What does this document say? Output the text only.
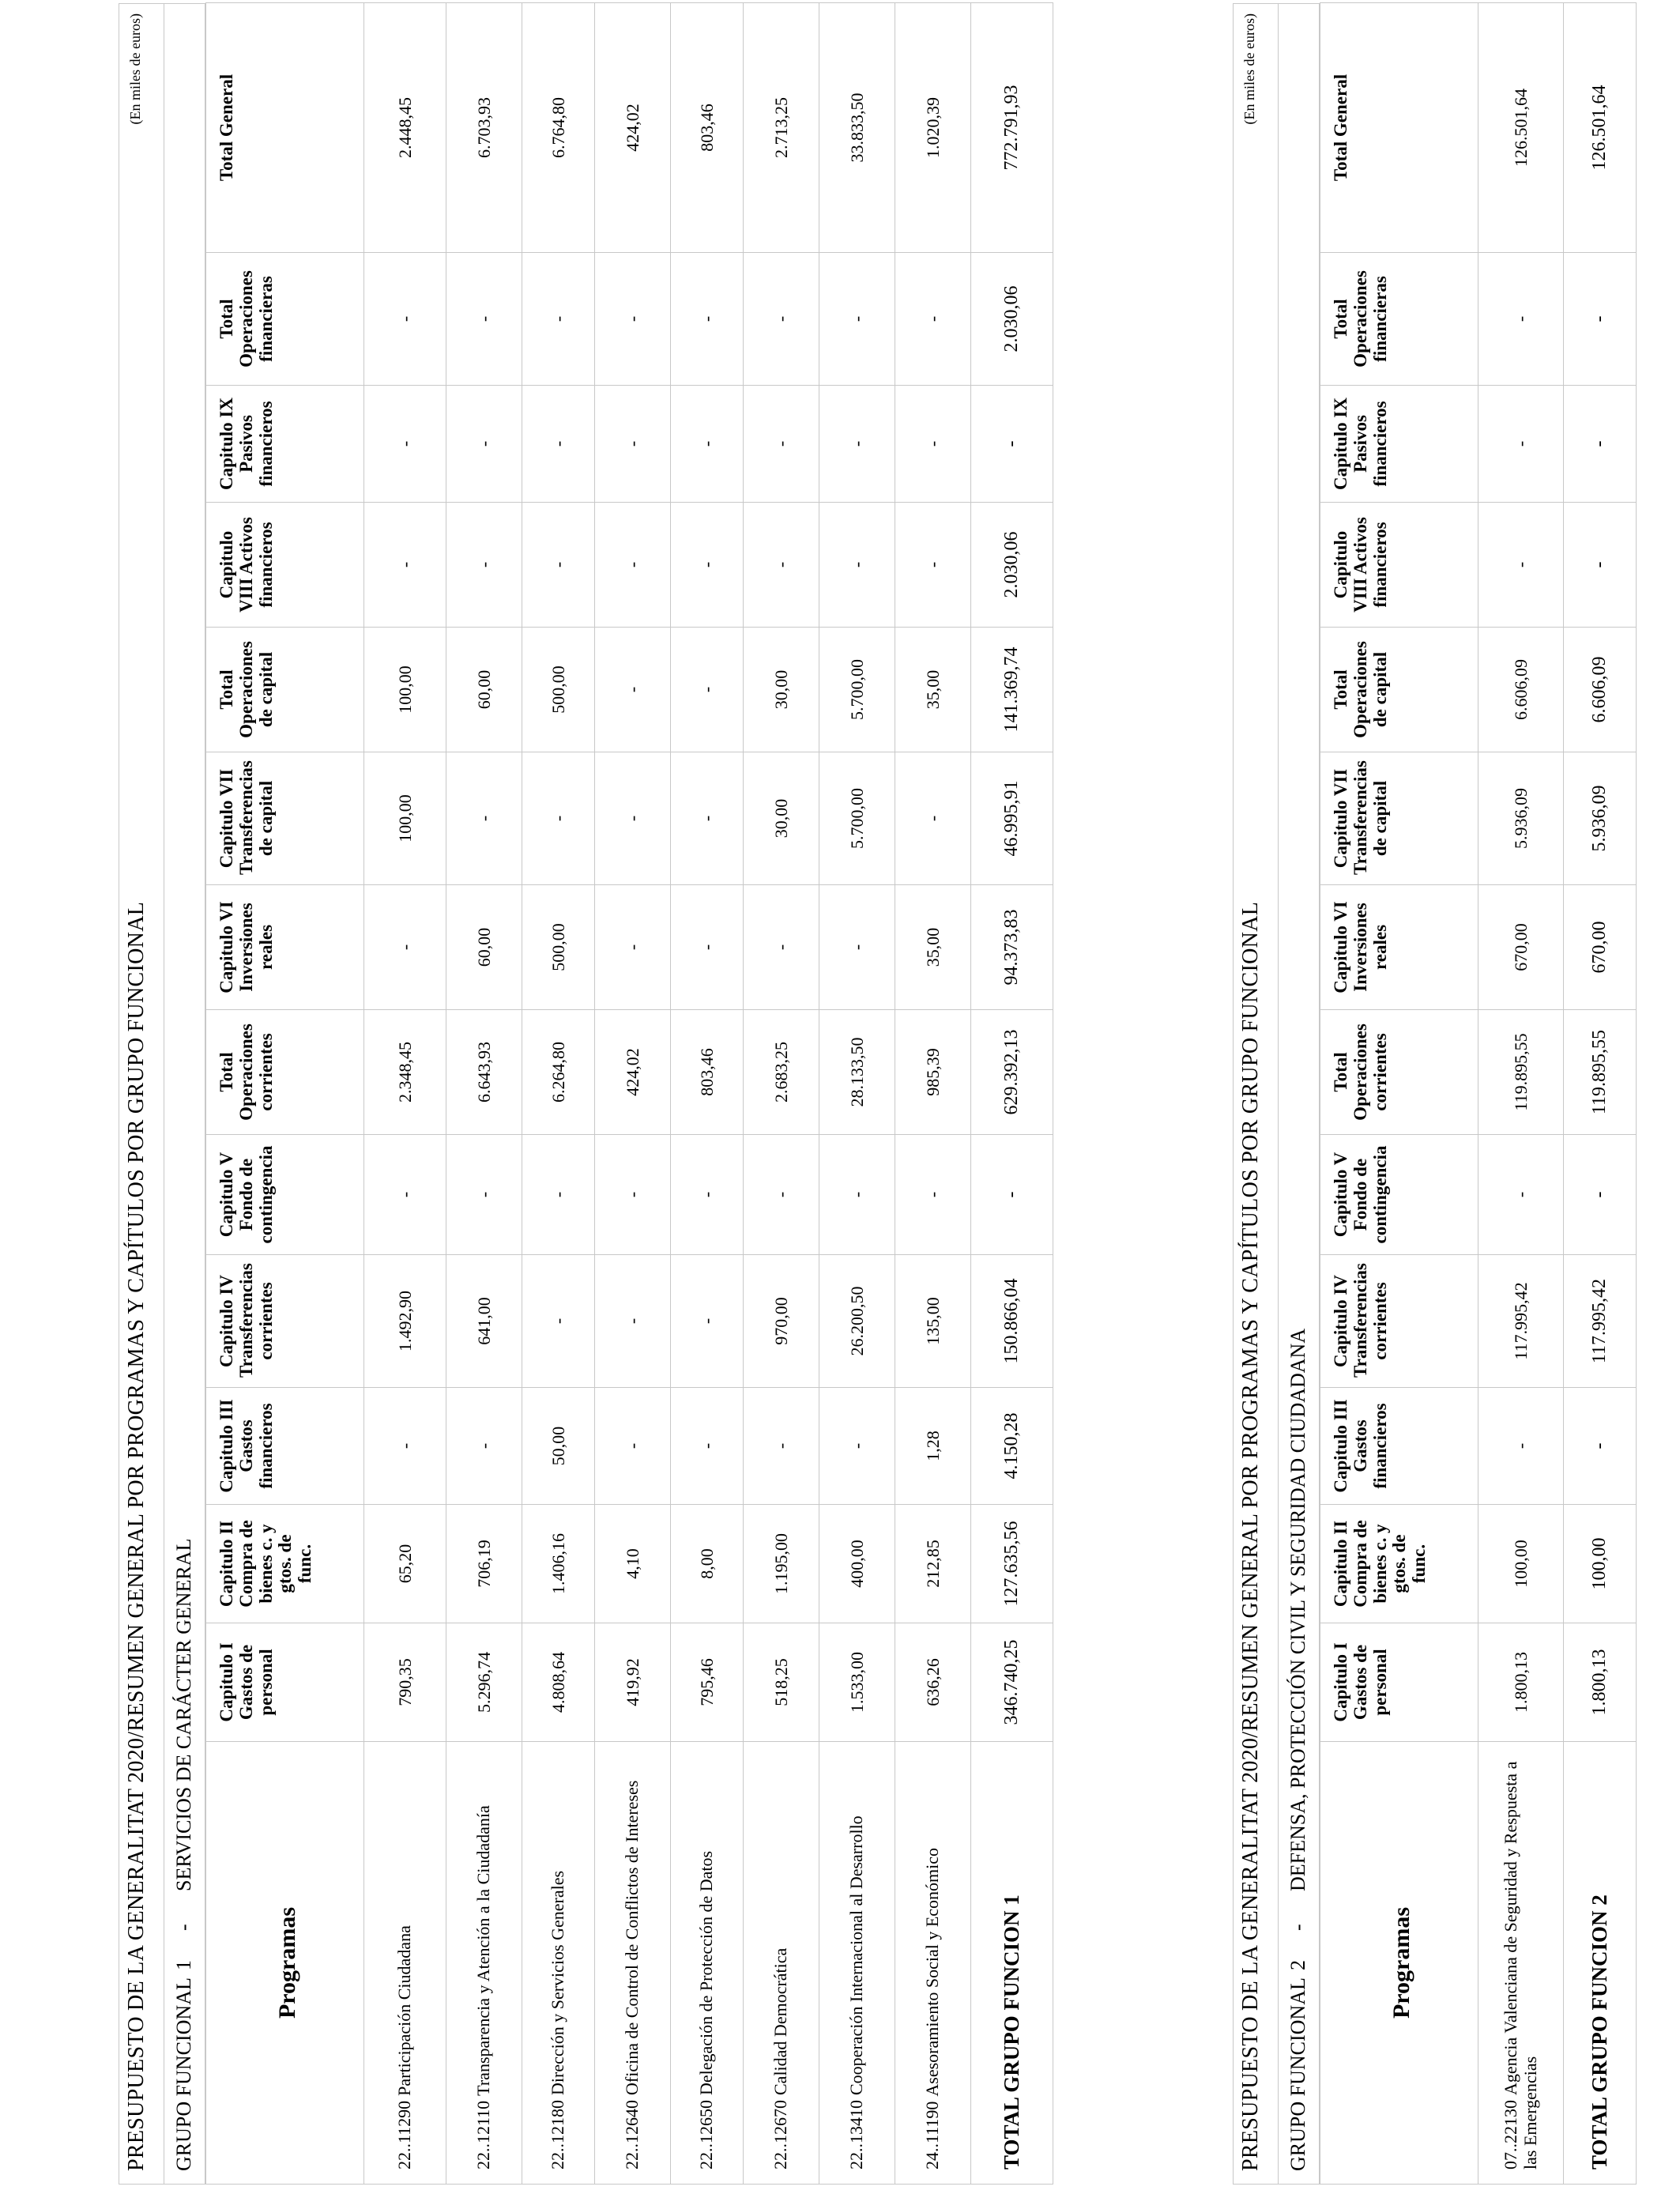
PRESUPUESTO DE LA GENERALITAT 2020/RESUMEN GENERAL POR PROGRAMAS Y CAPÍTULOS POR GRUPO FUNCIONAL
(En miles de euros)
GRUPO FUNCIONAL
1
-
SERVICIOS DE CARÁCTER GENERAL
Programas	Capitulo I Gastos de personal	Capitulo II Compra de bienes c. y gtos. de func.	Capitulo III Gastos financieros	Capitulo IV Transferencias corrientes	Capitulo V Fondo de contingencia	Total Operaciones corrientes	Capitulo VI Inversiones reales	Capitulo VII Transferencias de capital	Total Operaciones de capital	Capitulo VIII Activos financieros	Capitulo IX Pasivos financieros	Total Operaciones financieras	Total General
22..11290Participación Ciudadana	790,35	65,20	-	1.492,90	-	2.348,45	-	100,00	100,00	-	-	-	2.448,45
22..12110Transparencia y Atención a la Ciudadanía	5.296,74	706,19	-	641,00	-	6.643,93	60,00	-	60,00	-	-	-	6.703,93
22..12180Dirección y Servicios Generales	4.808,64	1.406,16	50,00	-	-	6.264,80	500,00	-	500,00	-	-	-	6.764,80
22..12640Oficina de Control de Conflictos de Intereses	419,92	4,10	-	-	-	424,02	-	-	-	-	-	-	424,02
22..12650Delegación de Protección de Datos	795,46	8,00	-	-	-	803,46	-	-	-	-	-	-	803,46
22..12670Calidad Democrática	518,25	1.195,00	-	970,00	-	2.683,25	-	30,00	30,00	-	-	-	2.713,25
22..13410Cooperación Internacional al Desarrollo	1.533,00	400,00	-	26.200,50	-	28.133,50	-	5.700,00	5.700,00	-	-	-	33.833,50
24..11190Asesoramiento Social y Económico	636,26	212,85	1,28	135,00	-	985,39	35,00	-	35,00	-	-	-	1.020,39
TOTAL GRUPO FUNCION 1	346.740,25	127.635,56	4.150,28	150.866,04	-	629.392,13	94.373,83	46.995,91	141.369,74	2.030,06	-	2.030,06	772.791,93
PRESUPUESTO DE LA GENERALITAT 2020/RESUMEN GENERAL POR PROGRAMAS Y CAPÍTULOS POR GRUPO FUNCIONAL
(En miles de euros)
GRUPO FUNCIONAL
2
-
DEFENSA, PROTECCIÓN CIVIL Y SEGURIDAD CIUDADANA
Programas	Capitulo I Gastos de personal	Capitulo II Compra de bienes c. y gtos. de func.	Capitulo III Gastos financieros	Capitulo IV Transferencias corrientes	Capitulo V Fondo de contingencia	Total Operaciones corrientes	Capitulo VI Inversiones reales	Capitulo VII Transferencias de capital	Total Operaciones de capital	Capitulo VIII Activos financieros	Capitulo IX Pasivos financieros	Total Operaciones financieras	Total General
07..22130Agencia Valenciana de Seguridad y Respuesta a las Emergencias	1.800,13	100,00	-	117.995,42	-	119.895,55	670,00	5.936,09	6.606,09	-	-	-	126.501,64
TOTAL GRUPO FUNCION 2	1.800,13	100,00	-	117.995,42	-	119.895,55	670,00	5.936,09	6.606,09	-	-	-	126.501,64
